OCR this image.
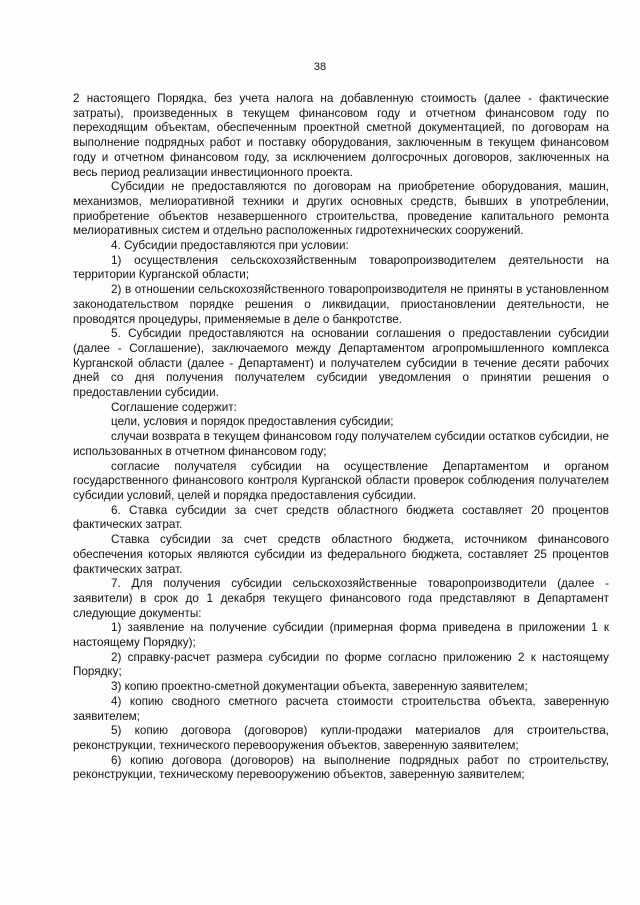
38

2 настоящего Порядка, без учета налога на добавленную стоимость (далее - фактические затраты), произведенных в текущем финансовом году и отчетном финансовом году по переходящим объектам, обеспеченным проектной сметной документацией, по договорам на выполнение подрядных работ и поставку оборудования, заключенным в текущем финансовом году и отчетном финансовом году, за исключением долгосрочных договоров, заключенных на весь период реализации инвестиционного проекта.

Субсидии не предоставляются по договорам на приобретение оборудования, машин, механизмов, мелиоративной техники и других основных средств, бывших в употреблении, приобретение объектов незавершенного строительства, проведение капитального ремонта мелиоративных систем и отдельно расположенных гидротехнических сооружений.

4. Субсидии предоставляются при условии:

1) осуществления сельскохозяйственным товаропроизводителем деятельности на территории Курганской области;

2) в отношении сельскохозяйственного товаропроизводителя не приняты в установленном законодательством порядке решения о ликвидации, приостановлении деятельности, не проводятся процедуры, применяемые в деле о банкротстве.

5. Субсидии предоставляются на основании соглашения о предоставлении субсидии (далее - Соглашение), заключаемого между Департаментом агропромышленного комплекса Курганской области (далее - Департамент) и получателем субсидии в течение десяти рабочих дней со дня получения получателем субсидии уведомления о принятии решения о предоставлении субсидии.

Соглашение содержит:

цели, условия и порядок предоставления субсидии;

случаи возврата в текущем финансовом году получателем субсидии остатков субсидии, не использованных в отчетном финансовом году;

согласие получателя субсидии на осуществление Департаментом и органом государственного финансового контроля Курганской области проверок соблюдения получателем субсидии условий, целей и порядка предоставления субсидии.

6. Ставка субсидии за счет средств областного бюджета составляет 20 процентов фактических затрат.

Ставка субсидии за счет средств областного бюджета, источником финансового обеспечения которых являются субсидии из федерального бюджета, составляет 25 процентов фактических затрат.

7. Для получения субсидии сельскохозяйственные товаропроизводители (далее - заявители) в срок до 1 декабря текущего финансового года представляют в Департамент следующие документы:

1) заявление на получение субсидии (примерная форма приведена в приложении 1 к настоящему Порядку);

2) справку-расчет размера субсидии по форме согласно приложению 2 к настоящему Порядку;

3) копию проектно-сметной документации объекта, заверенную заявителем;

4) копию сводного сметного расчета стоимости строительства объекта, заверенную заявителем;

5) копию договора (договоров) купли-продажи материалов для строительства, реконструкции, технического перевооружения объектов, заверенную заявителем;

6) копию договора (договоров) на выполнение подрядных работ по строительству, реконструкции, техническому перевооружению объектов, заверенную заявителем;
